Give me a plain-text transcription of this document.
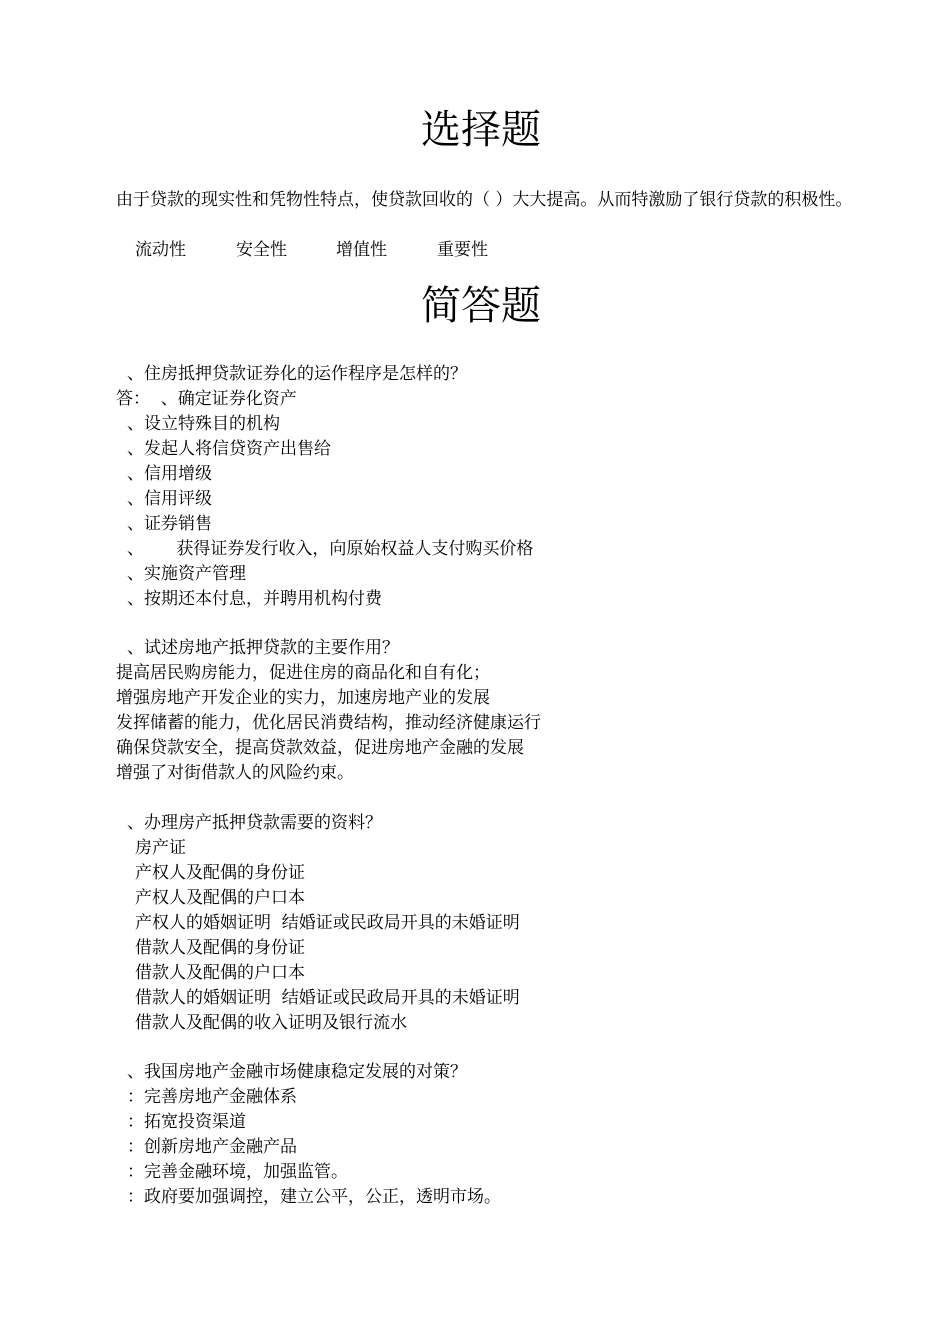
选择题
由于贷款的现实性和凭物性特点，使贷款回收的（ ）大大提高。从而特激励了银行贷款的积极性。
流动性	安全性	增值性	重要性
简答题
、住房抵押贷款证券化的运作程序是怎样的？
答：  、确定证券化资产
、设立特殊目的机构
、发起人将信贷资产出售给
、信用增级
、信用评级
、证券销售
、      获得证券发行收入，向原始权益人支付购买价格
、实施资产管理
、按期还本付息，并聘用机构付费
、试述房地产抵押贷款的主要作用？
提高居民购房能力，促进住房的商品化和自有化；
增强房地产开发企业的实力，加速房地产业的发展
发挥储蓄的能力，优化居民消费结构，推动经济健康运行
确保贷款安全，提高贷款效益，促进房地产金融的发展
增强了对街借款人的风险约束。
、办理房产抵押贷款需要的资料？
房产证
产权人及配偶的身份证
产权人及配偶的户口本
产权人的婚姻证明  结婚证或民政局开具的未婚证明
借款人及配偶的身份证
借款人及配偶的户口本
借款人的婚姻证明  结婚证或民政局开具的未婚证明
借款人及配偶的收入证明及银行流水
、我国房地产金融市场健康稳定发展的对策？
：完善房地产金融体系
：拓宽投资渠道
：创新房地产金融产品
：完善金融环境，加强监管。
：政府要加强调控，建立公平，公正，透明市场。
